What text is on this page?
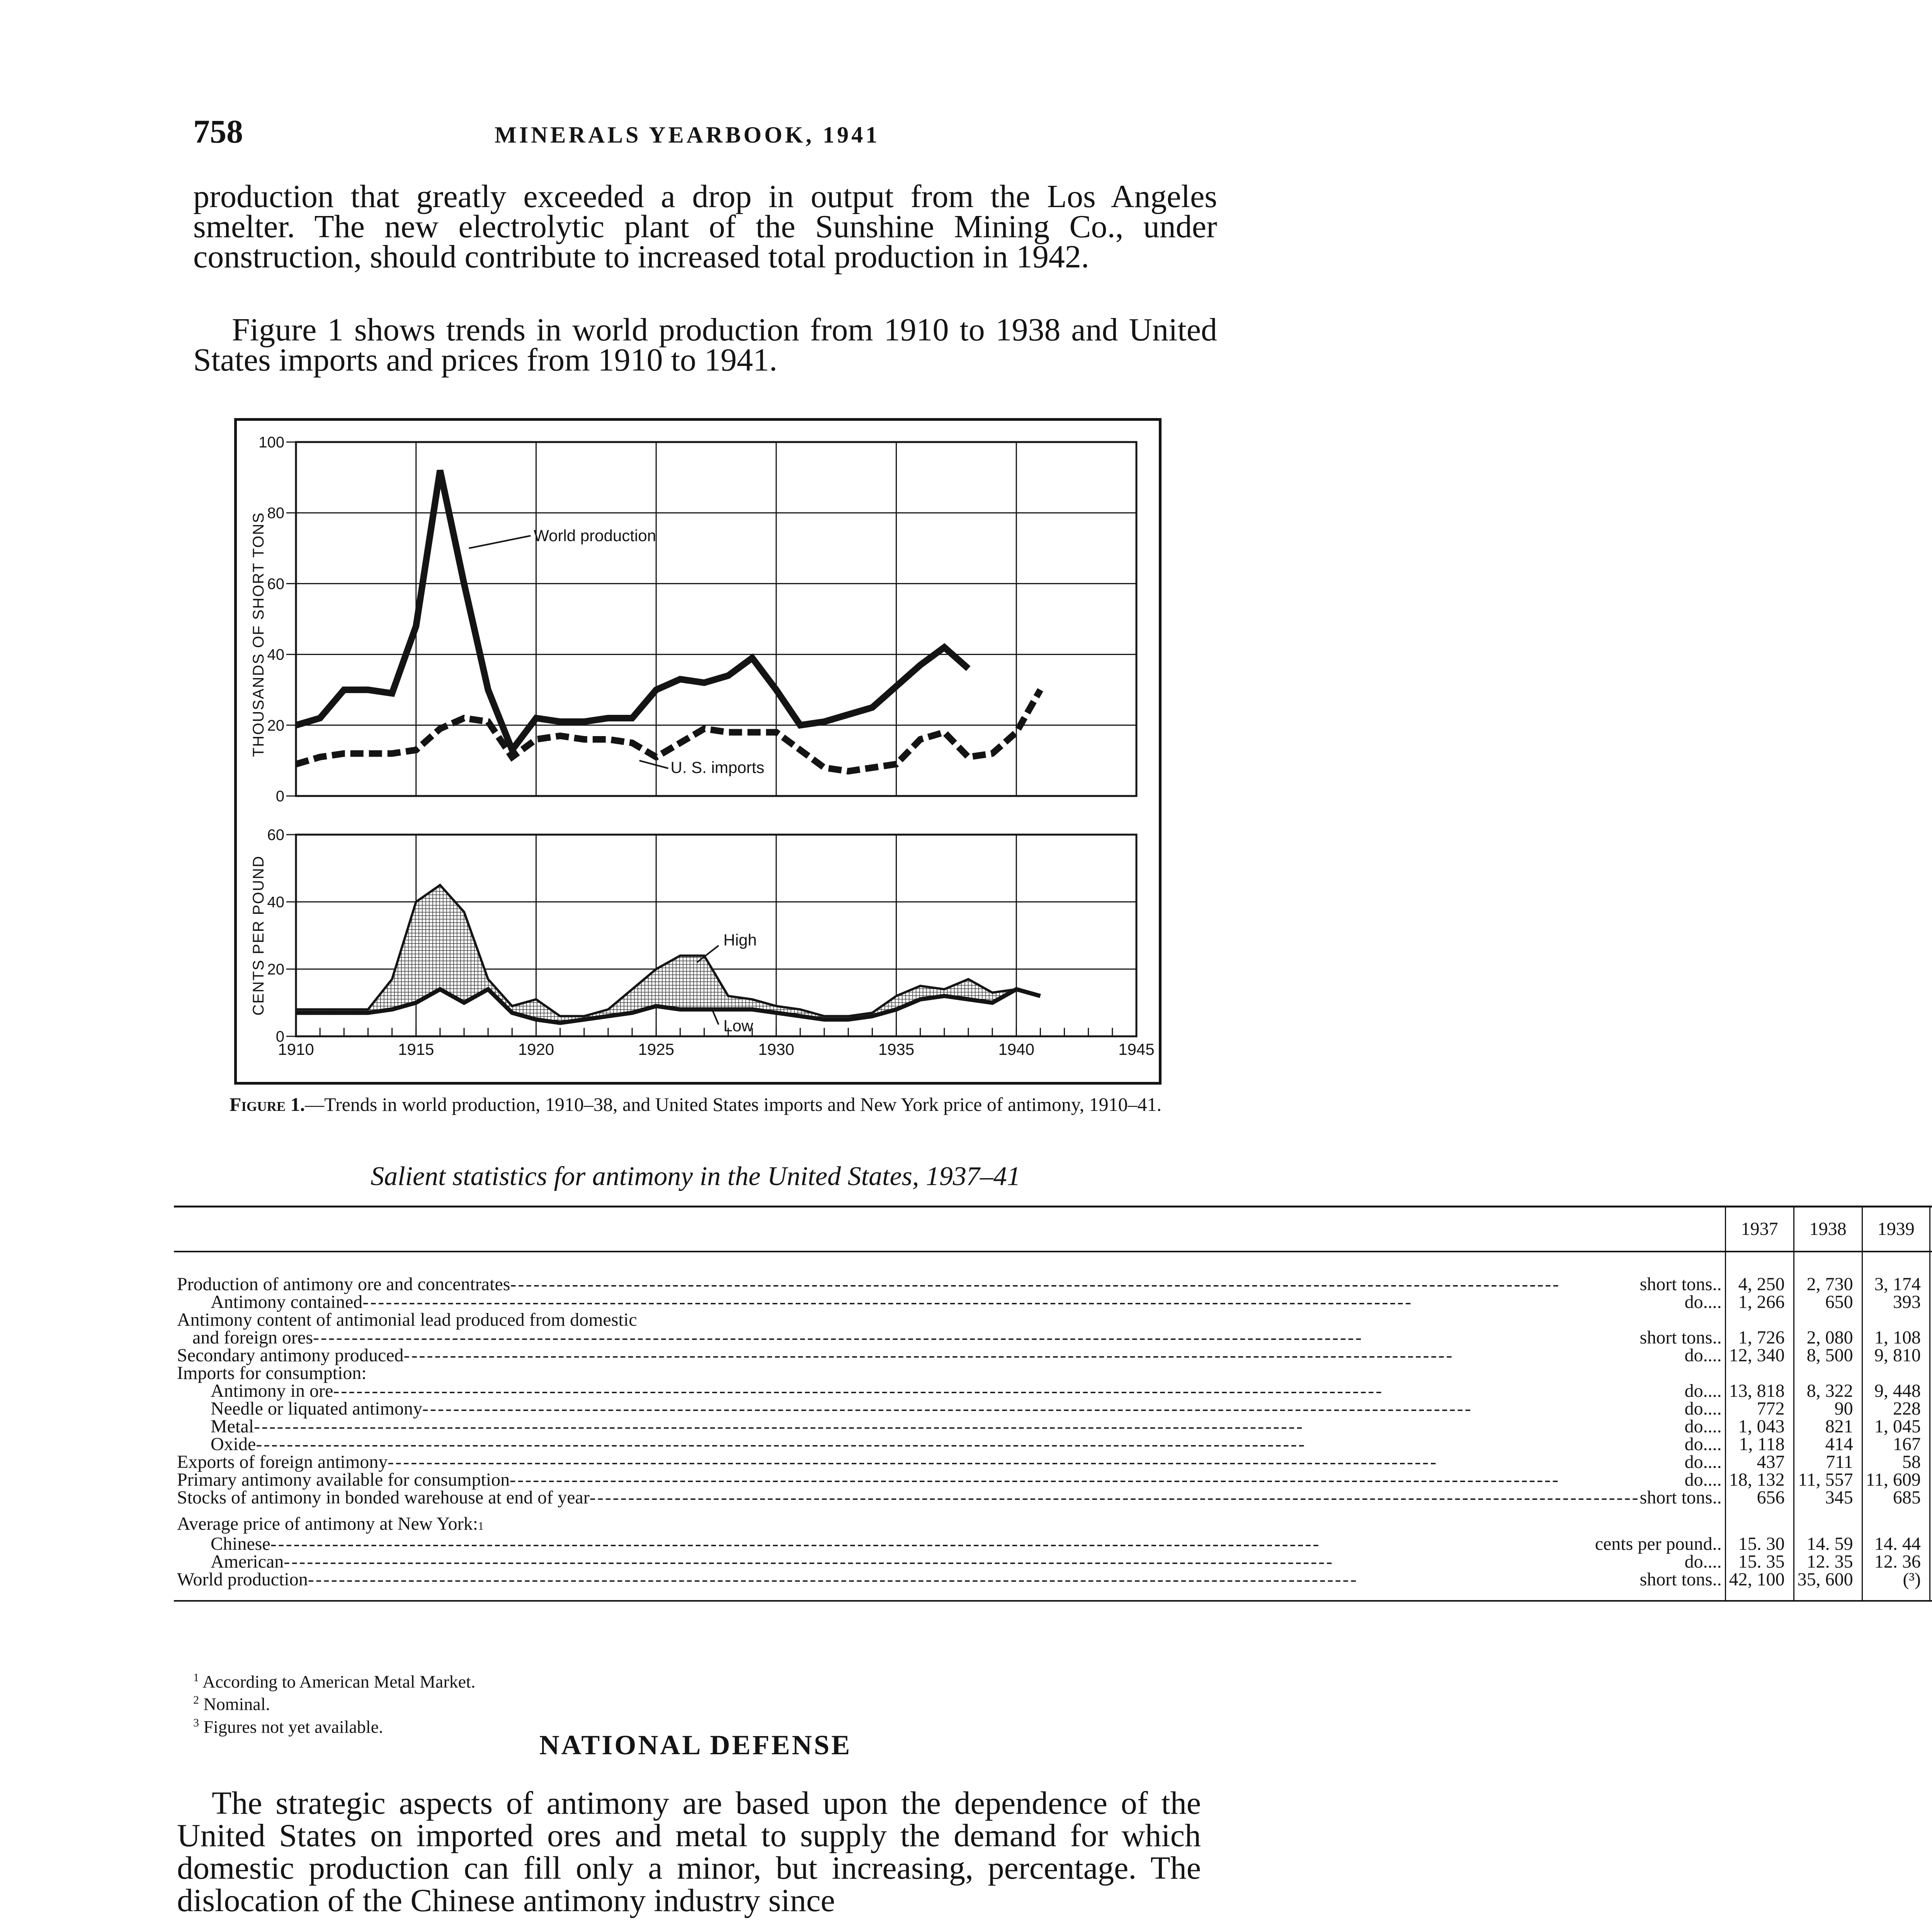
758	MINERALS YEARBOOK, 1941

production that greatly exceeded a drop in output from the Los Angeles smelter. The new electrolytic plant of the Sunshine Mining Co., under construction, should contribute to increased total production in 1942.

Figure 1 shows trends in world production from 1910 to 1938 and United States imports and prices from 1910 to 1941.

0
20
40
60
80
100
THOUSANDS OF SHORT TONS	World production
U. S. imports
0
20
40
60
CENTS PER POUND
1910	1915	1920	1925	1930	1935	1940	1945
High
Low
Figure 1.—Trends in world production, 1910–38, and United States imports and New York price of antimony, 1910–41.
Salient statistics for antimony in the United States, 1937–41
	1937	1938	1939		

Production of antimony ore and concentrates ----- short tons..	4, 250	2, 730	3, 174		

Antimony contained ----- do....	1, 266	650	393		

Antimony content of antimonial lead produced from domestic					

and foreign ores ----- short tons..	1, 726	2, 080	1, 108		

Secondary antimony produced ----- do....	12, 340	8, 500	9, 810		

Imports for consumption:					

Antimony in ore ----- do....	13, 818	8, 322	9, 448		

Needle or liquated antimony ----- do....	772	90	228		

Metal ----- do....	1, 043	821	1, 045		

Oxide ----- do....	1, 118	414	167		

Exports of foreign antimony ----- do....	437	711	58		

Primary antimony available for consumption ----- do....	18, 132	11, 557	11, 609		

Stocks of antimony in bonded warehouse at end of year ----- short tons..	656	345	685		

Average price of antimony at New York: 1					

Chinese ----- cents per pound..	15. 30	14. 59	14. 44		

American ----- do....	15. 35	12. 35	12. 36		

World production ----- short tons..	42, 100	35, 600	(³)		
$^1$ According to American Metal Market.
$^2$ Nominal.
$^3$ Figures not yet available.
NATIONAL DEFENSE
The strategic aspects of antimony are based upon the dependence of the United States on imported ores and metal to supply the demand for which domestic production can fill only a minor, but increasing, percentage. The dislocation of the Chinese antimony industry since
